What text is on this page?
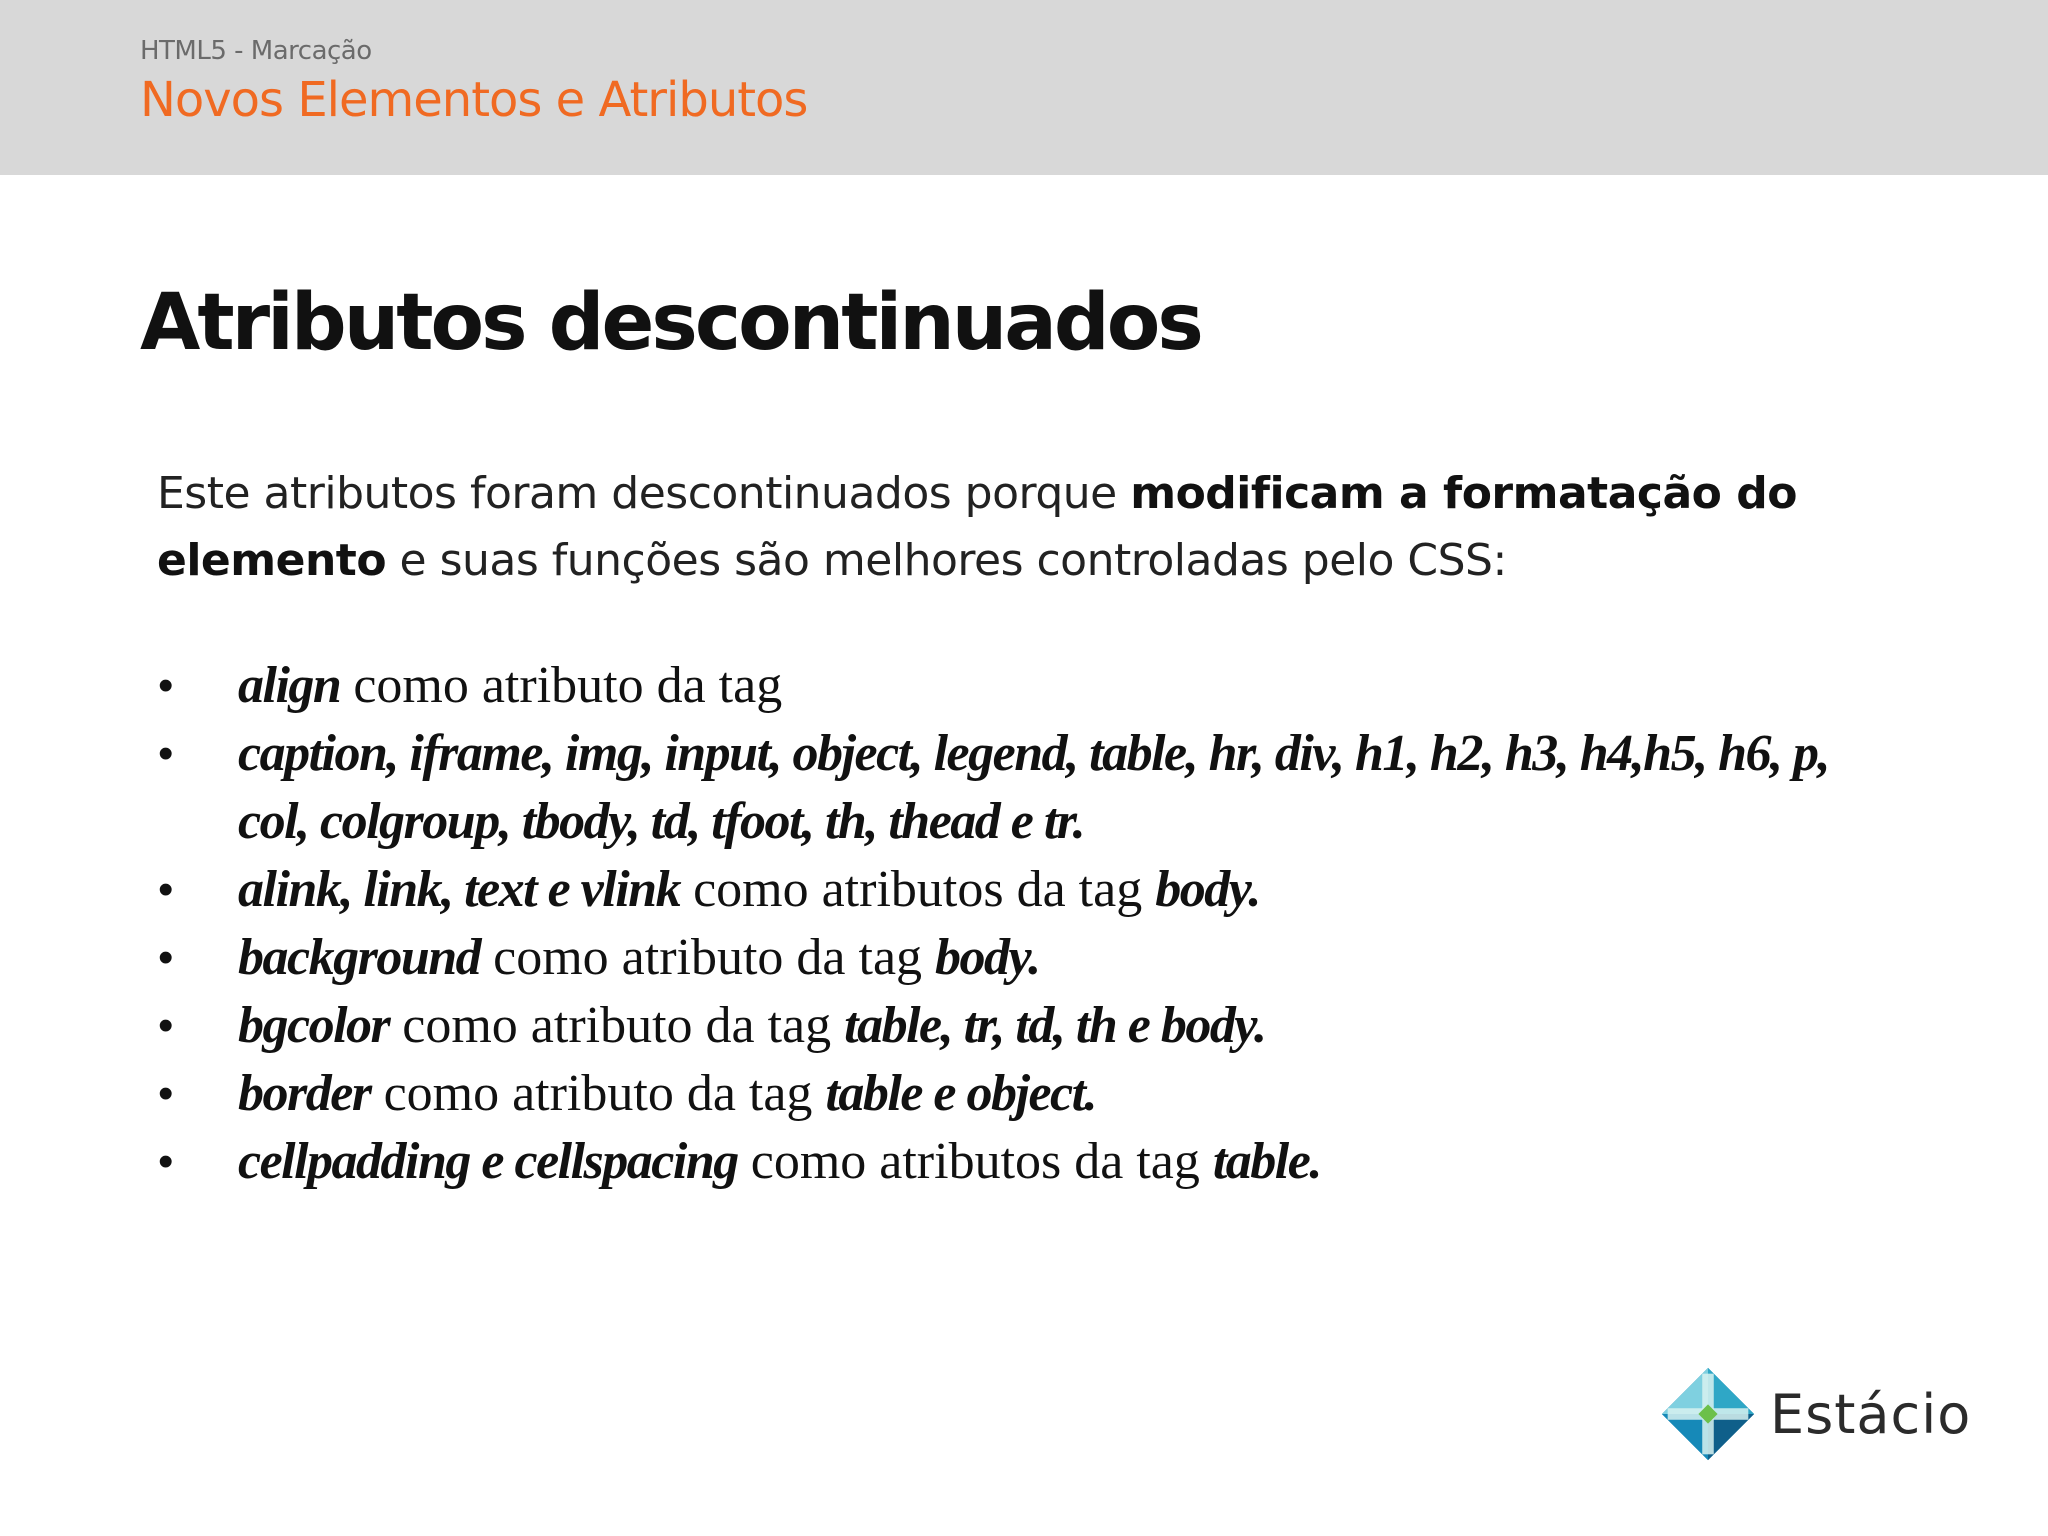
HTML5 - Marcação
Novos Elementos e Atributos
Atributos descontinuados

Este atributos foram descontinuados porque modificam a formatação do elemento e suas funções são melhores controladas pelo CSS:

• align como atributo da tag
• caption, iframe, img, input, object, legend, table, hr, div, h1, h2, h3, h4,h5, h6, p, col, colgroup, tbody, td, tfoot, th, thead e tr.
• alink, link, text e vlink como atributos da tag body.
• background como atributo da tag body.
• bgcolor como atributo da tag table, tr, td, th e body.
• border como atributo da tag table e object.
• cellpadding e cellspacing como atributos da tag table.
Estácio
